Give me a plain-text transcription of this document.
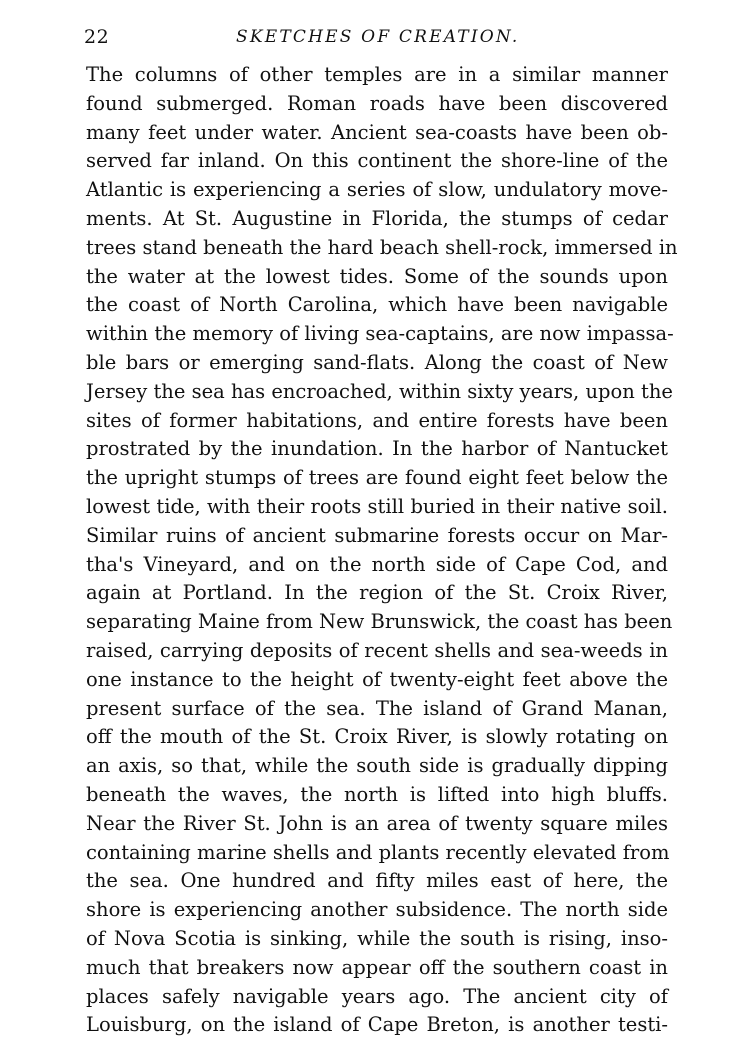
22	SKETCHES OF CREATION.
The columns of other temples are in a similar manner
found submerged. Roman roads have been discovered
many feet under water. Ancient sea-coasts have been ob-
served far inland. On this continent the shore-line of the
Atlantic is experiencing a series of slow, undulatory move-
ments. At St. Augustine in Florida, the stumps of cedar
trees stand beneath the hard beach shell-rock, immersed in
the water at the lowest tides. Some of the sounds upon
the coast of North Carolina, which have been navigable
within the memory of living sea-captains, are now impassa-
ble bars or emerging sand-flats. Along the coast of New
Jersey the sea has encroached, within sixty years, upon the
sites of former habitations, and entire forests have been
prostrated by the inundation. In the harbor of Nantucket
the upright stumps of trees are found eight feet below the
lowest tide, with their roots still buried in their native soil.
Similar ruins of ancient submarine forests occur on Mar-
tha's Vineyard, and on the north side of Cape Cod, and
again at Portland. In the region of the St. Croix River,
separating Maine from New Brunswick, the coast has been
raised, carrying deposits of recent shells and sea-weeds in
one instance to the height of twenty-eight feet above the
present surface of the sea. The island of Grand Manan,
off the mouth of the St. Croix River, is slowly rotating on
an axis, so that, while the south side is gradually dipping
beneath the waves, the north is lifted into high bluffs.
Near the River St. John is an area of twenty square miles
containing marine shells and plants recently elevated from
the sea. One hundred and fifty miles east of here, the
shore is experiencing another subsidence. The north side
of Nova Scotia is sinking, while the south is rising, inso-
much that breakers now appear off the southern coast in
places safely navigable years ago. The ancient city of
Louisburg, on the island of Cape Breton, is another testi-
